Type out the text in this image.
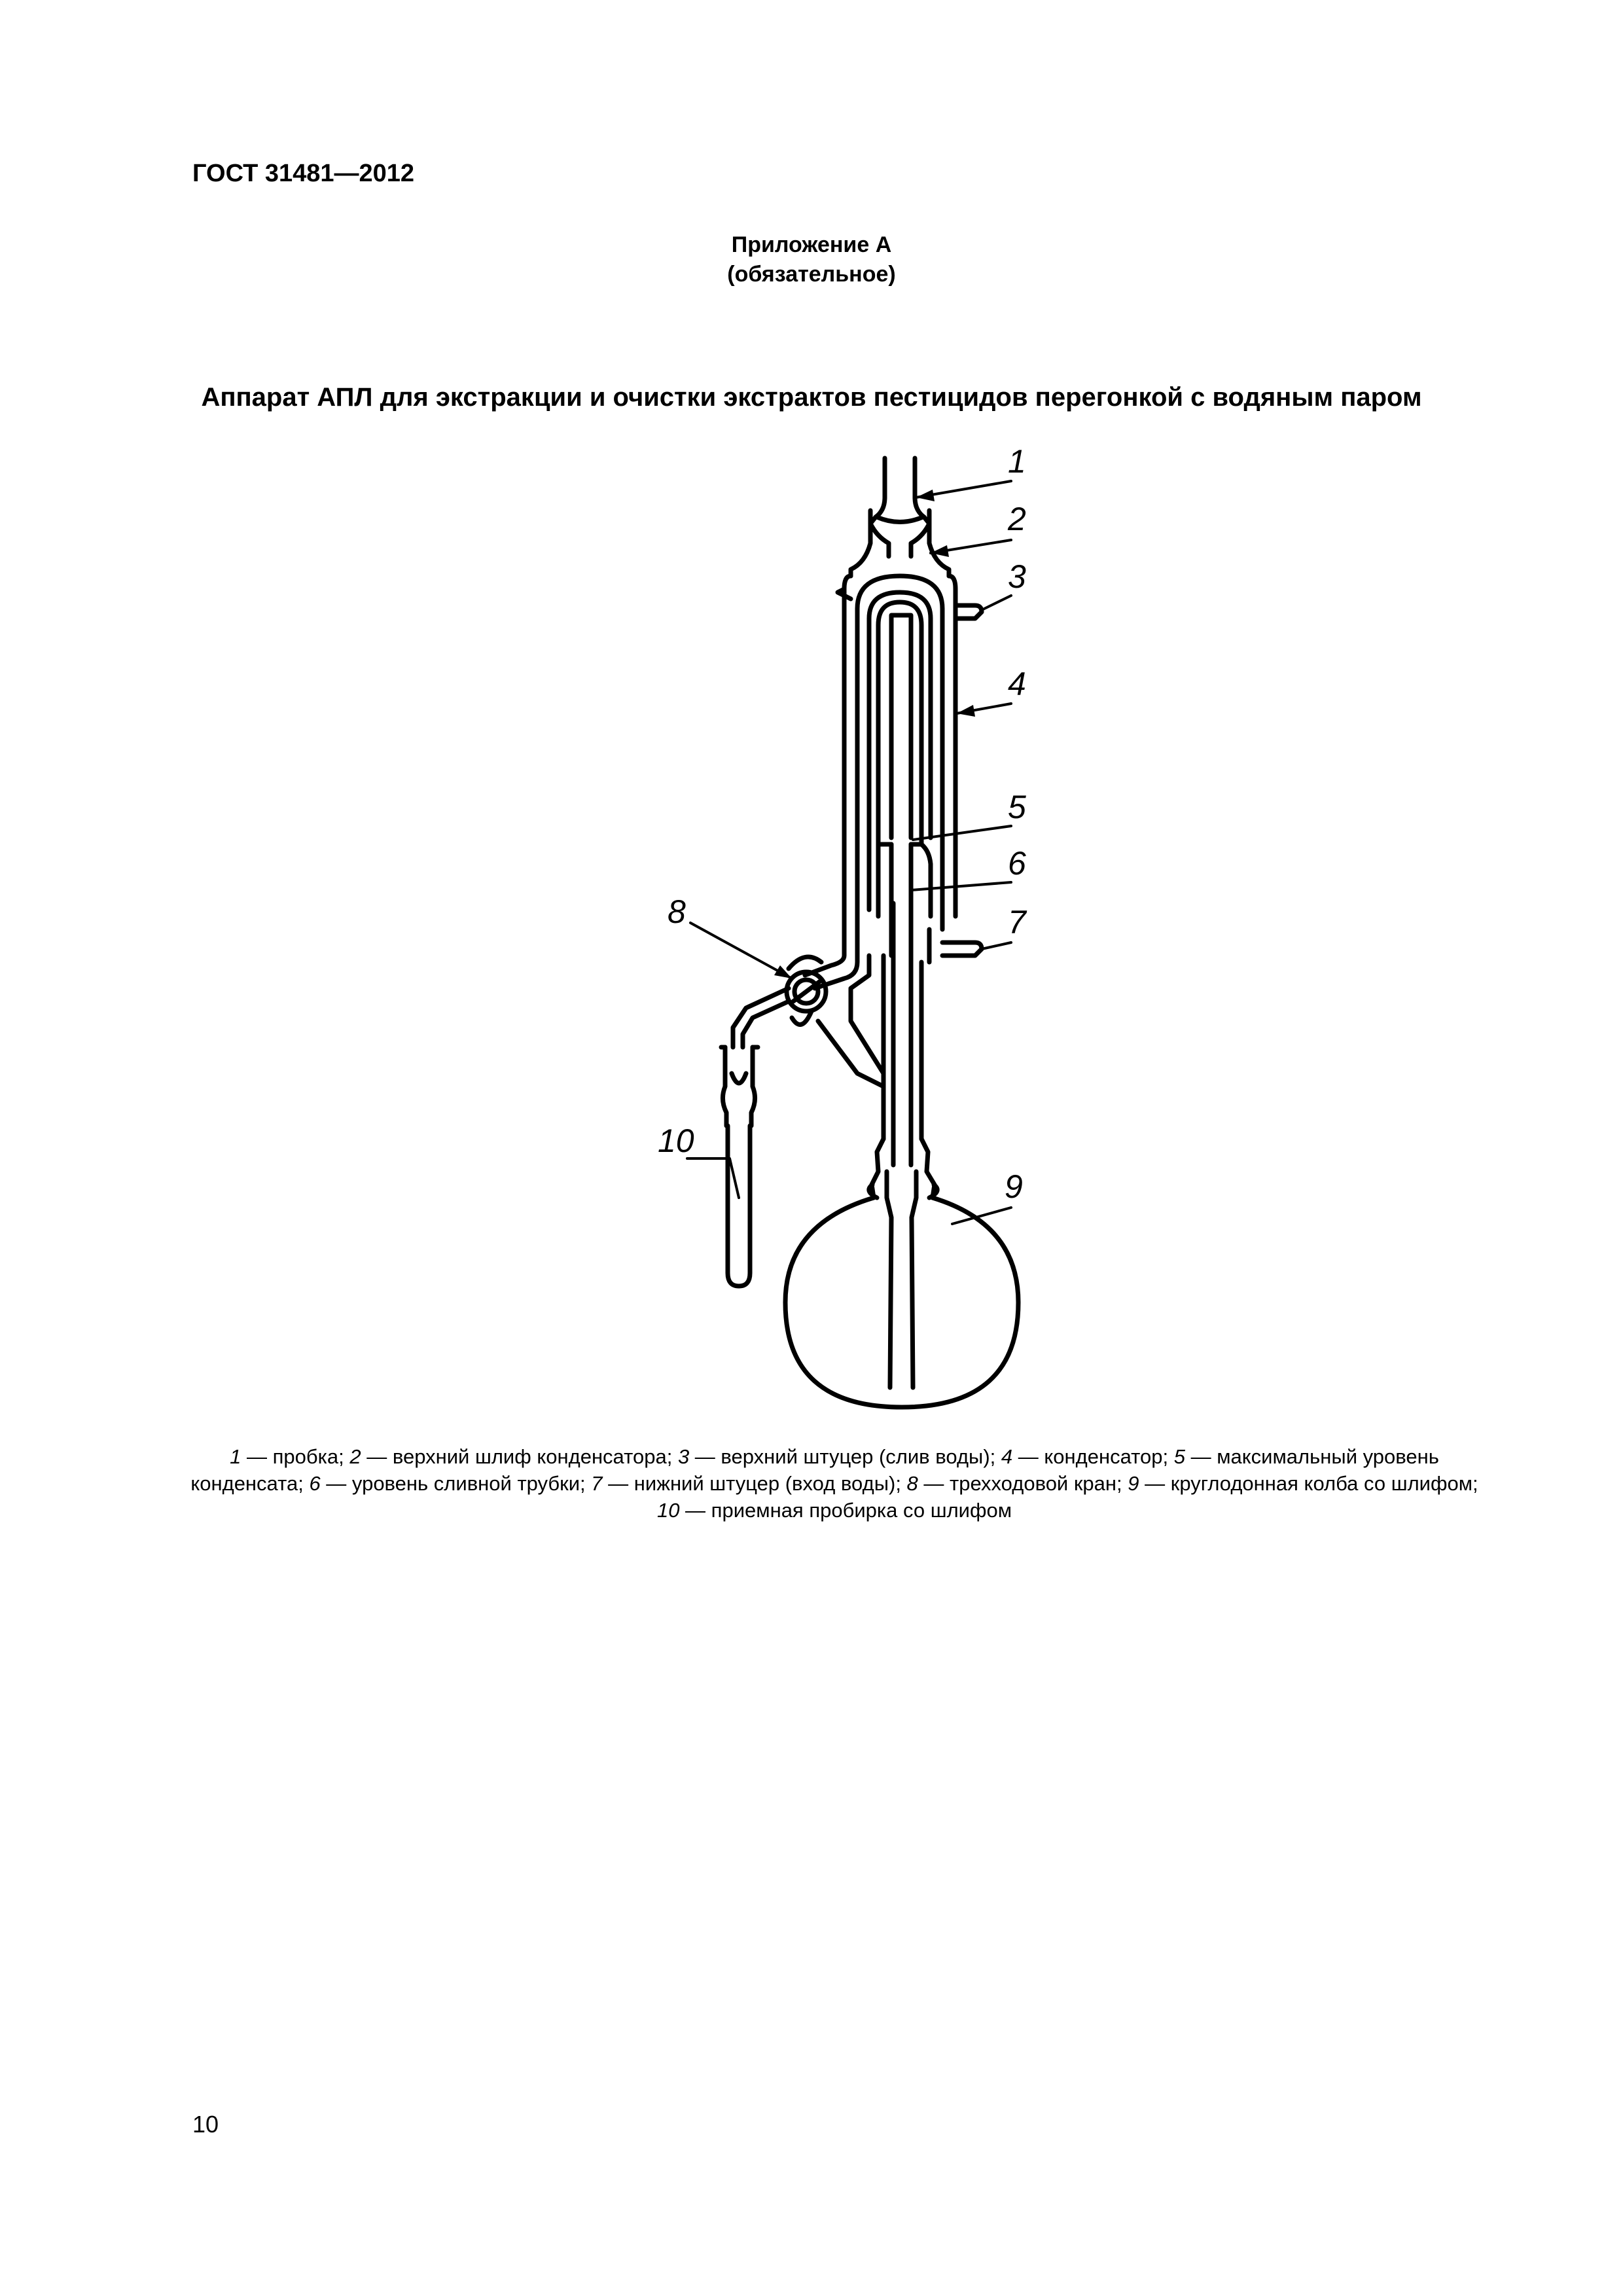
ГОСТ 31481—2012
Приложение А
(обязательное)
Аппарат АПЛ для экстракции и очистки экстрактов пестицидов перегонкой с водяным паром
1
2
3
4
5
6
7
8
9
10
1 — пробка; 2 — верхний шлиф конденсатора; 3 — верхний штуцер (слив воды); 4 — конденсатор; 5 — максимальный уровень конденсата; 6 — уровень сливной трубки; 7 — нижний штуцер (вход воды); 8 — трехходовой кран; 9 — круглодонная колба со шлифом; 10 — приемная пробирка со шлифом
10
